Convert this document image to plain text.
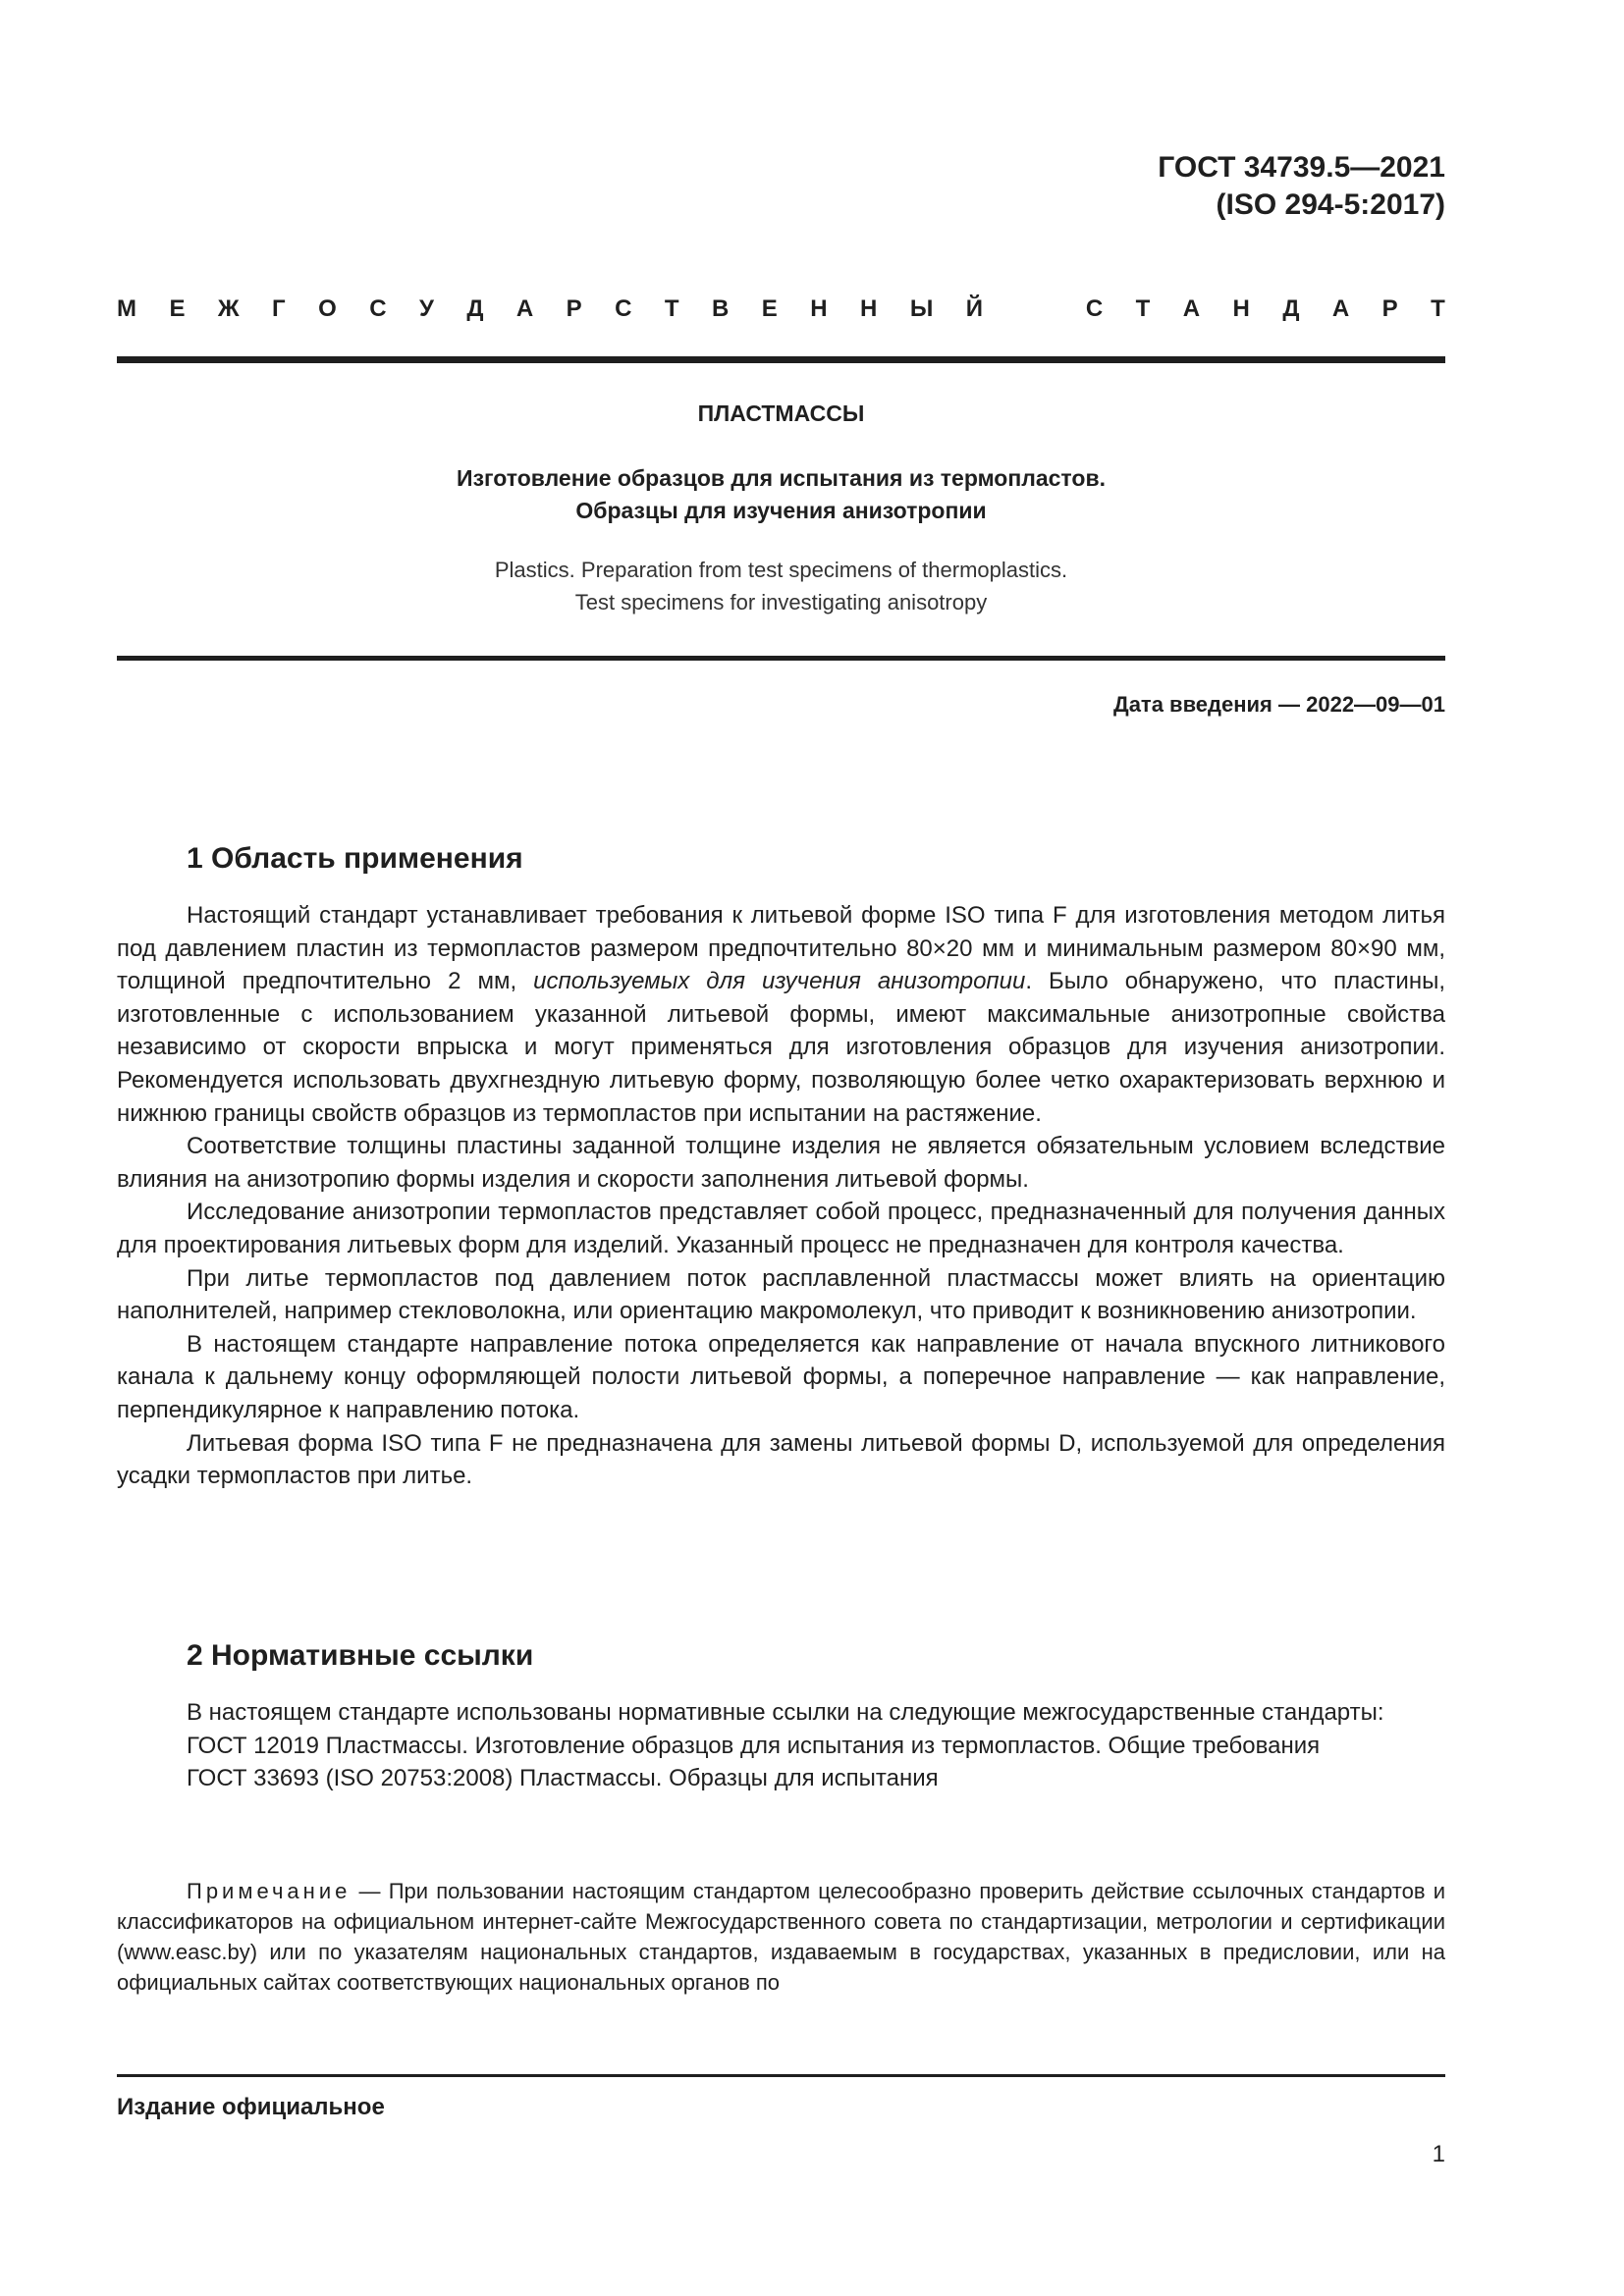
ГОСТ 34739.5—2021
(ISO 294-5:2017)
М Е Ж Г О С У Д А Р С Т В Е Н Н Ы Й	С Т А Н Д А Р Т
ПЛАСТМАССЫ
Изготовление образцов для испытания из термопластов.
Образцы для изучения анизотропии
Plastics. Preparation from test specimens of thermoplastics.
Test specimens for investigating anisotropy
Дата введения — 2022—09—01
1 Область применения

Настоящий стандарт устанавливает требования к литьевой форме ISO типа F для изготовления методом литья под давлением пластин из термопластов размером предпочтительно 80×20 мм и минимальным размером 80×90 мм, толщиной предпочтительно 2 мм, используемых для изучения анизотропии. Было обнаружено, что пластины, изготовленные с использованием указанной литьевой формы, имеют максимальные анизотропные свойства независимо от скорости впрыска и могут применяться для изготовления образцов для изучения анизотропии. Рекомендуется использовать двухгнездную литьевую форму, позволяющую более четко охарактеризовать верхнюю и нижнюю границы свойств образцов из термопластов при испытании на растяжение.

Соответствие толщины пластины заданной толщине изделия не является обязательным условием вследствие влияния на анизотропию формы изделия и скорости заполнения литьевой формы.

Исследование анизотропии термопластов представляет собой процесс, предназначенный для получения данных для проектирования литьевых форм для изделий. Указанный процесс не предназначен для контроля качества.

При литье термопластов под давлением поток расплавленной пластмассы может влиять на ориентацию наполнителей, например стекловолокна, или ориентацию макромолекул, что приводит к возникновению анизотропии.

В настоящем стандарте направление потока определяется как направление от начала впускного литникового канала к дальнему концу оформляющей полости литьевой формы, а поперечное направление — как направление, перпендикулярное к направлению потока.

Литьевая форма ISO типа F не предназначена для замены литьевой формы D, используемой для определения усадки термопластов при литье.

2 Нормативные ссылки

В настоящем стандарте использованы нормативные ссылки на следующие межгосударственные стандарты:

ГОСТ 12019 Пластмассы. Изготовление образцов для испытания из термопластов. Общие требования

ГОСТ 33693 (ISO 20753:2008) Пластмассы. Образцы для испытания

Примечание — При пользовании настоящим стандартом целесообразно проверить действие ссылочных стандартов и классификаторов на официальном интернет-сайте Межгосударственного совета по стандартизации, метрологии и сертификации (www.easc.by) или по указателям национальных стандартов, издаваемым в государствах, указанных в предисловии, или на официальных сайтах соответствующих национальных органов по
Издание официальное
1
